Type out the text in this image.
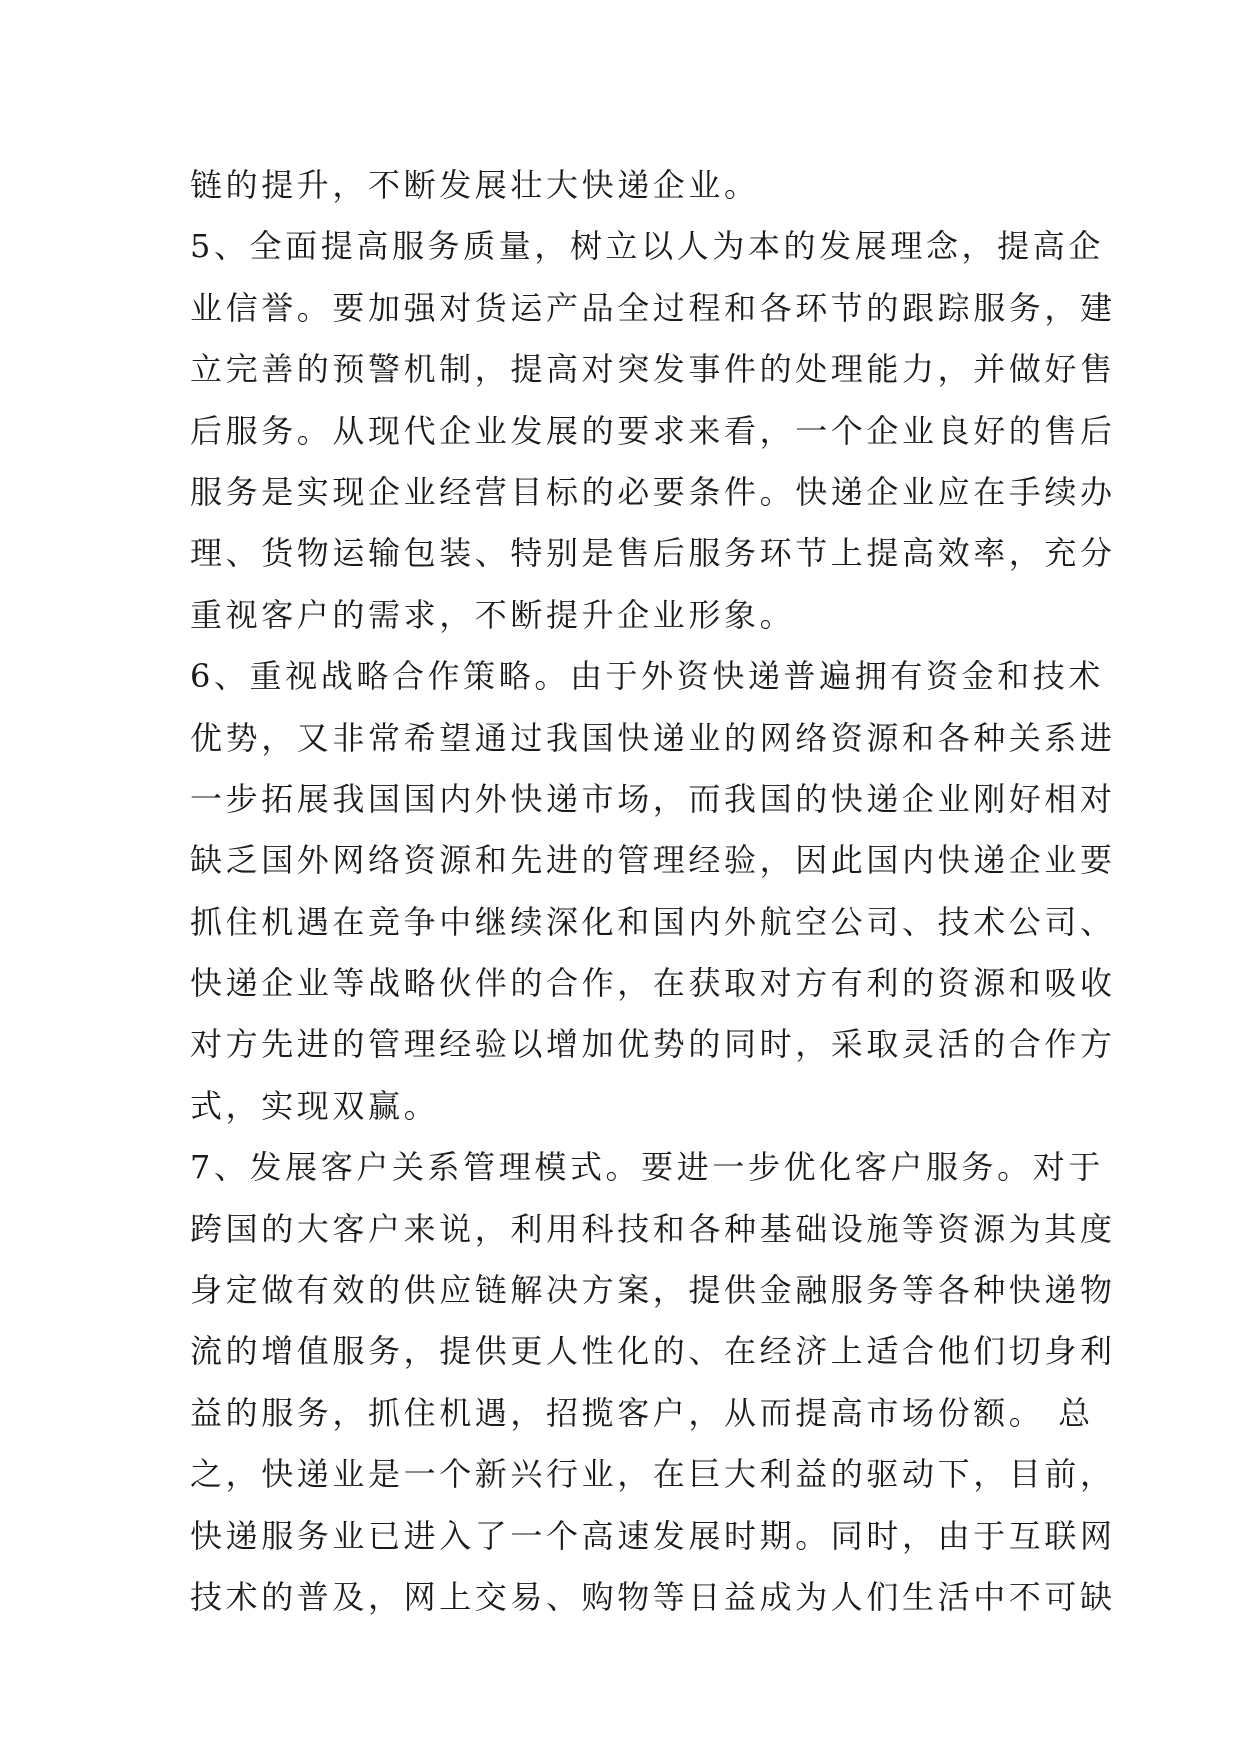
链的提升，不断发展壮大快递企业。
5、全面提高服务质量，树立以人为本的发展理念，提高企
业信誉。要加强对货运产品全过程和各环节的跟踪服务，建
立完善的预警机制，提高对突发事件的处理能力，并做好售
后服务。从现代企业发展的要求来看，一个企业良好的售后
服务是实现企业经营目标的必要条件。快递企业应在手续办
理、货物运输包装、特别是售后服务环节上提高效率，充分
重视客户的需求，不断提升企业形象。
6、重视战略合作策略。由于外资快递普遍拥有资金和技术
优势，又非常希望通过我国快递业的网络资源和各种关系进
一步拓展我国国内外快递市场，而我国的快递企业刚好相对
缺乏国外网络资源和先进的管理经验，因此国内快递企业要
抓住机遇在竞争中继续深化和国内外航空公司、技术公司、
快递企业等战略伙伴的合作，在获取对方有利的资源和吸收
对方先进的管理经验以增加优势的同时，采取灵活的合作方
式，实现双赢。
7、发展客户关系管理模式。要进一步优化客户服务。对于
跨国的大客户来说，利用科技和各种基础设施等资源为其度
身定做有效的供应链解决方案，提供金融服务等各种快递物
流的增值服务，提供更人性化的、在经济上适合他们切身利
益的服务，抓住机遇，招揽客户，从而提高市场份额。 总
之，快递业是一个新兴行业，在巨大利益的驱动下，目前，
快递服务业已进入了一个高速发展时期。同时，由于互联网
技术的普及，网上交易、购物等日益成为人们生活中不可缺
